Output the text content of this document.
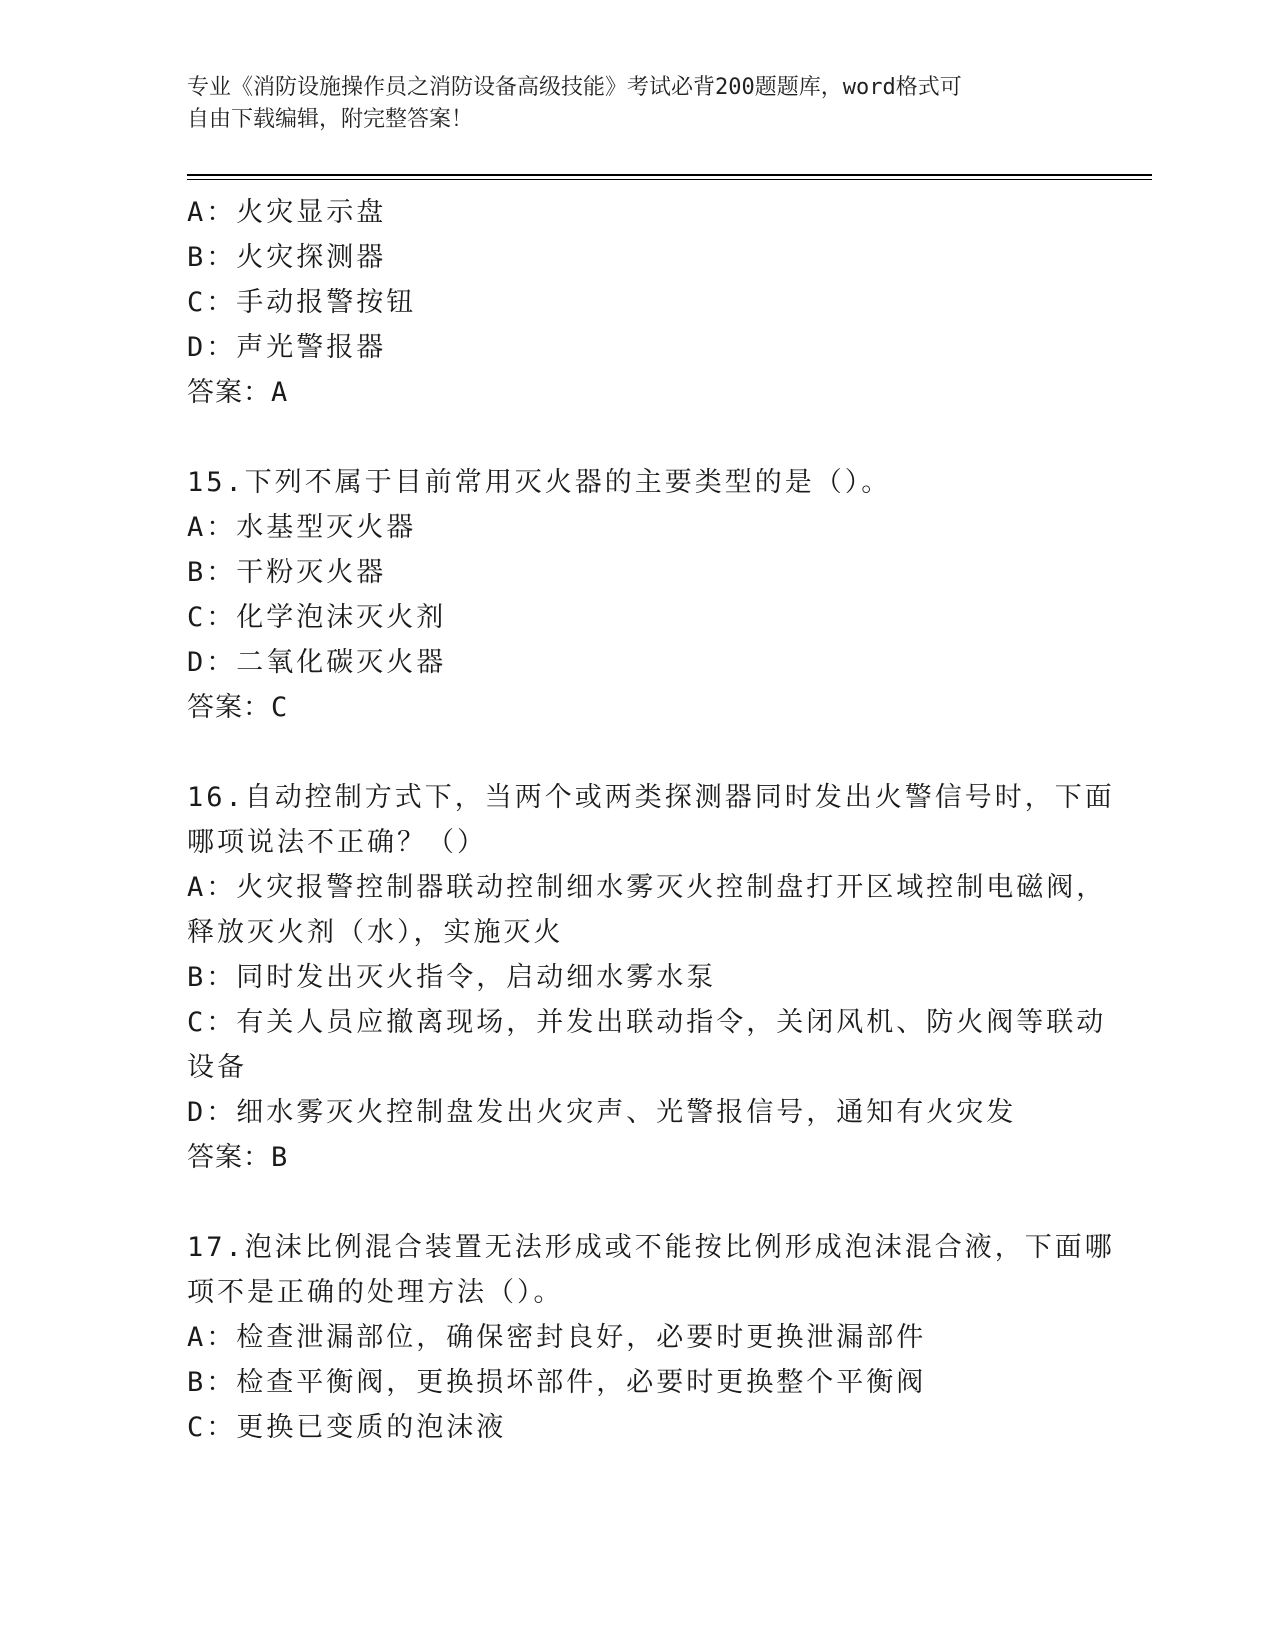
专业《消防设施操作员之消防设备高级技能》考试必背200题题库，word格式可
自由下载编辑，附完整答案！
A：火灾显示盘
B：火灾探测器
C：手动报警按钮
D：声光警报器
答案：A
15.下列不属于目前常用灭火器的主要类型的是（）。
A：水基型灭火器
B：干粉灭火器
C：化学泡沫灭火剂
D：二氧化碳灭火器
答案：C
16.自动控制方式下，当两个或两类探测器同时发出火警信号时，下面
哪项说法不正确？（）
A：火灾报警控制器联动控制细水雾灭火控制盘打开区域控制电磁阀，
释放灭火剂（水），实施灭火
B：同时发出灭火指令，启动细水雾水泵
C：有关人员应撤离现场，并发出联动指令，关闭风机、防火阀等联动
设备
D：细水雾灭火控制盘发出火灾声、光警报信号，通知有火灾发
答案：B
17.泡沫比例混合装置无法形成或不能按比例形成泡沫混合液，下面哪
项不是正确的处理方法（）。
A：检查泄漏部位，确保密封良好，必要时更换泄漏部件
B：检查平衡阀，更换损坏部件，必要时更换整个平衡阀
C：更换已变质的泡沫液
